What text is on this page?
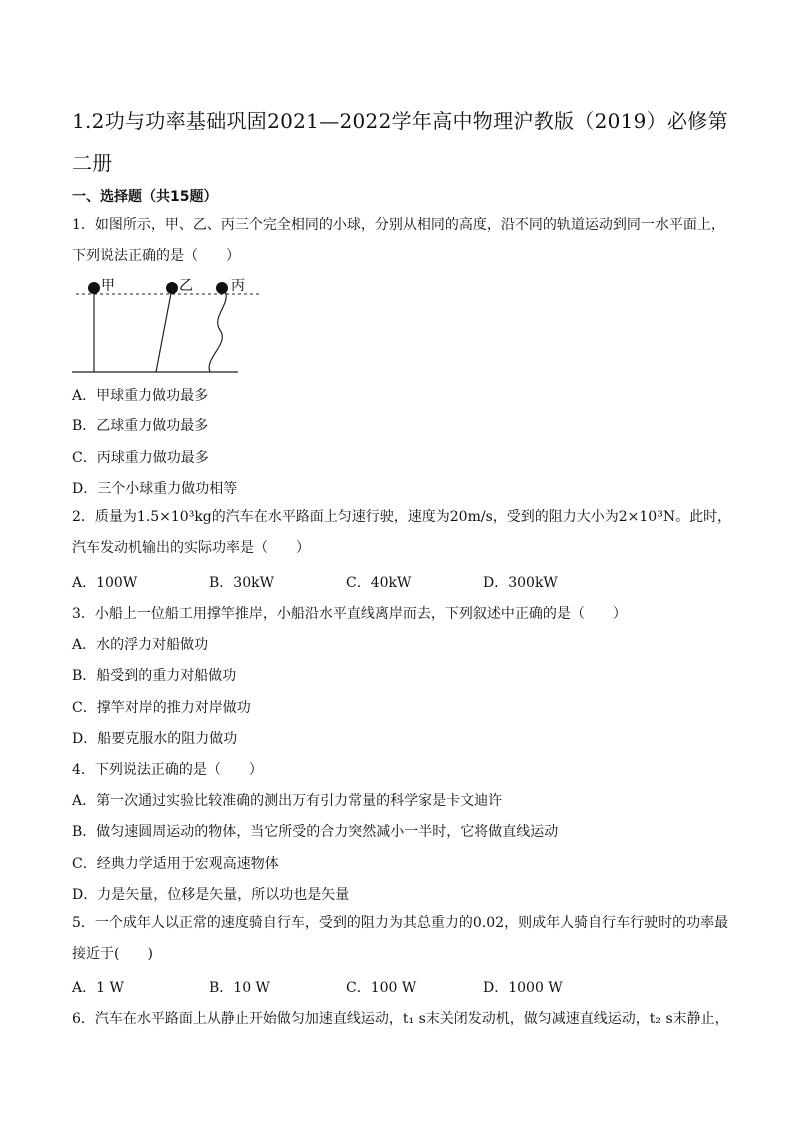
1.2功与功率基础巩固2021—2022学年高中物理沪教版（2019）必修第二册
一、选择题（共15题）
1．如图所示，甲、乙、丙三个完全相同的小球，分别从相同的高度，沿不同的轨道运动到同一水平面上，下列说法正确的是（　　）
甲	乙	丙
A．甲球重力做功最多
B．乙球重力做功最多
C．丙球重力做功最多
D．三个小球重力做功相等
2．质量为1.5×10³kg的汽车在水平路面上匀速行驶，速度为20m/s，受到的阻力大小为2×10³N。此时，汽车发动机输出的实际功率是（　　）
A．100W	B．30kW	C．40kW	D．300kW
3．小船上一位船工用撑竿推岸，小船沿水平直线离岸而去，下列叙述中正确的是（　　）
A．水的浮力对船做功
B．船受到的重力对船做功
C．撑竿对岸的推力对岸做功
D．船要克服水的阻力做功
4．下列说法正确的是（　　）
A．第一次通过实验比较准确的测出万有引力常量的科学家是卡文迪许
B．做匀速圆周运动的物体，当它所受的合力突然减小一半时，它将做直线运动
C．经典力学适用于宏观高速物体
D．力是矢量，位移是矢量，所以功也是矢量
5．一个成年人以正常的速度骑自行车，受到的阻力为其总重力的0.02，则成年人骑自行车行驶时的功率最接近于(　　)
A．1 W	B．10 W	C．100 W	D．1000 W
6．汽车在水平路面上从静止开始做匀加速直线运动，t₁ s末关闭发动机，做匀减速直线运动，t₂ s末静止，
